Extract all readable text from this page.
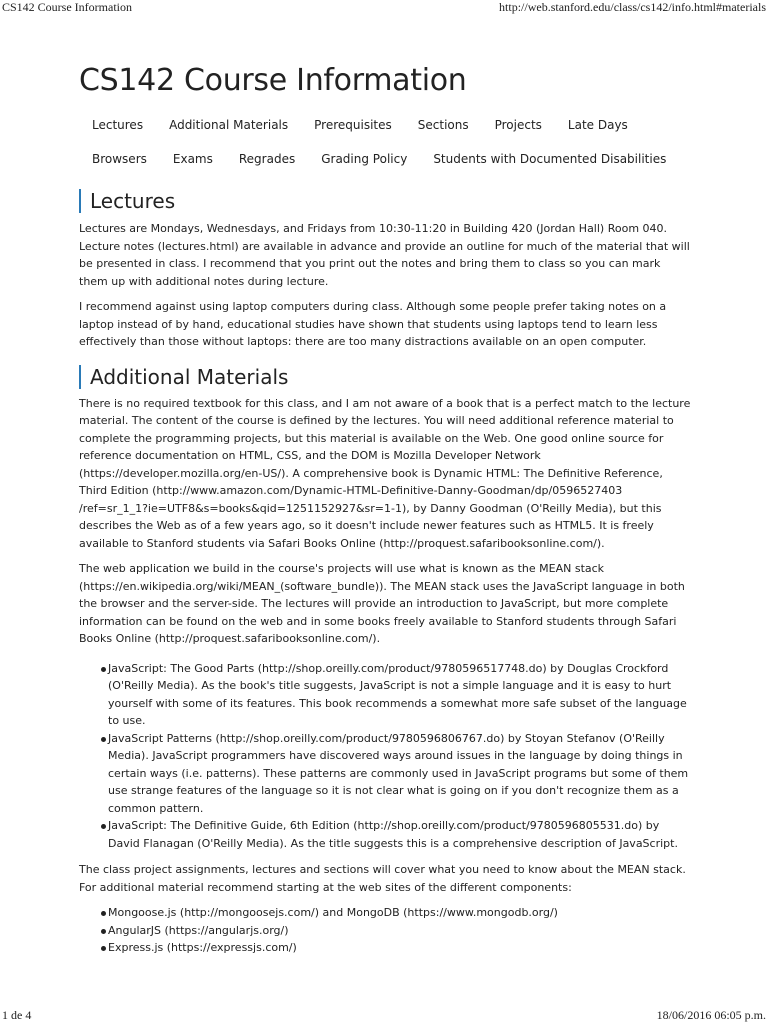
CS142 Course Information	http://web.stanford.edu/class/cs142/info.html#materials
CS142 Course Information
Lectures	Additional Materials	Prerequisites	Sections	Projects	Late Days
Browsers	Exams	Regrades	Grading Policy	Students with Documented Disabilities
Lectures

Lectures are Mondays, Wednesdays, and Fridays from 10:30-11:20 in Building 420 (Jordan Hall) Room 040. Lecture notes (lectures.html) are available in advance and provide an outline for much of the material that will be presented in class. I recommend that you print out the notes and bring them to class so you can mark them up with additional notes during lecture.

I recommend against using laptop computers during class. Although some people prefer taking notes on a laptop instead of by hand, educational studies have shown that students using laptops tend to learn less effectively than those without laptops: there are too many distractions available on an open computer.

Additional Materials

There is no required textbook for this class, and I am not aware of a book that is a perfect match to the lecture material. The content of the course is defined by the lectures. You will need additional reference material to complete the programming projects, but this material is available on the Web. One good online source for reference documentation on HTML, CSS, and the DOM is Mozilla Developer Network (https://developer.mozilla.org/en-US/). A comprehensive book is Dynamic HTML: The Definitive Reference, Third Edition (http://www.amazon.com/Dynamic-HTML-Definitive-Danny-Goodman/dp/0596527403 /ref=sr_1_1?ie=UTF8&s=books&qid=1251152927&sr=1-1), by Danny Goodman (O'Reilly Media), but this describes the Web as of a few years ago, so it doesn't include newer features such as HTML5. It is freely available to Stanford students via Safari Books Online (http://proquest.safaribooksonline.com/).

The web application we build in the course's projects will use what is known as the MEAN stack (https://en.wikipedia.org/wiki/MEAN_(software_bundle)). The MEAN stack uses the JavaScript language in both the browser and the server-side. The lectures will provide an introduction to JavaScript, but more complete information can be found on the web and in some books freely available to Stanford students through Safari Books Online (http://proquest.safaribooksonline.com/).

JavaScript: The Good Parts (http://shop.oreilly.com/product/9780596517748.do) by Douglas Crockford (O'Reilly Media). As the book's title suggests, JavaScript is not a simple language and it is easy to hurt yourself with some of its features. This book recommends a somewhat more safe subset of the language to use.
JavaScript Patterns (http://shop.oreilly.com/product/9780596806767.do) by Stoyan Stefanov (O'Reilly Media). JavaScript programmers have discovered ways around issues in the language by doing things in certain ways (i.e. patterns). These patterns are commonly used in JavaScript programs but some of them use strange features of the language so it is not clear what is going on if you don't recognize them as a common pattern.
JavaScript: The Definitive Guide, 6th Edition (http://shop.oreilly.com/product/9780596805531.do) by David Flanagan (O'Reilly Media). As the title suggests this is a comprehensive description of JavaScript.

The class project assignments, lectures and sections will cover what you need to know about the MEAN stack. For additional material recommend starting at the web sites of the different components:

Mongoose.js (http://mongoosejs.com/) and MongoDB (https://www.mongodb.org/)
AngularJS (https://angularjs.org/)
Express.js (https://expressjs.com/)
1 de 4	18/06/2016 06:05 p.m.
